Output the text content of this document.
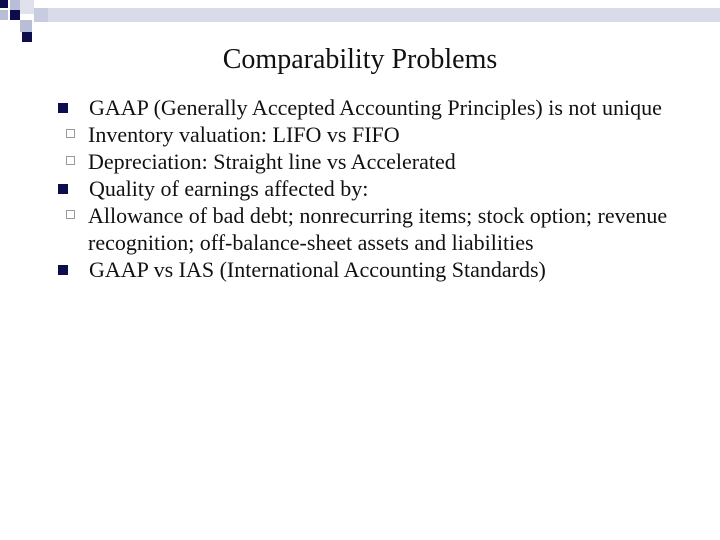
Comparability Problems
GAAP (Generally Accepted Accounting Principles) is not unique
Inventory valuation: LIFO vs FIFO
Depreciation: Straight line vs Accelerated
Quality of earnings affected by:
Allowance of bad debt; nonrecurring items; stock option; revenue recognition; off-balance-sheet assets and liabilities
GAAP vs IAS (International Accounting Standards)
